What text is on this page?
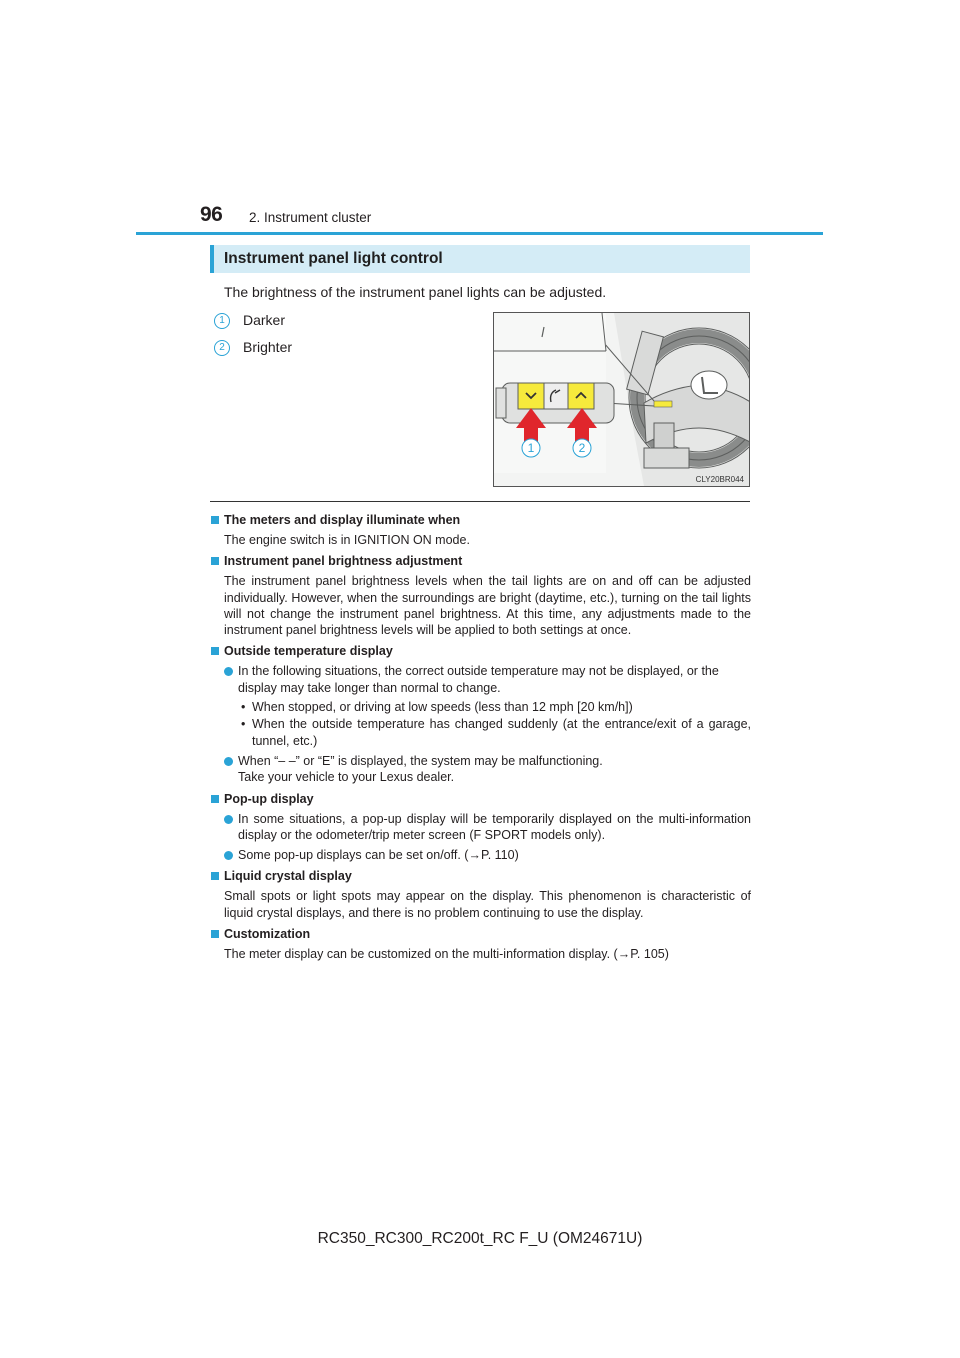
96 2. Instrument cluster
Instrument panel light control
The brightness of the instrument panel lights can be adjusted.
1	Darker
2	Brighter
1	2
CLY20BR044
The meters and display illuminate when
The engine switch is in IGNITION ON mode.
Instrument panel brightness adjustment
The instrument panel brightness levels when the tail lights are on and off can be adjusted individually. However, when the surroundings are bright (daytime, etc.), turning on the tail lights will not change the instrument panel brightness. At this time, any adjustments made to the instrument panel brightness levels will be applied to both settings at once.
Outside temperature display
In the following situations, the correct outside temperature may not be displayed, or the display may take longer than normal to change.
• When stopped, or driving at low speeds (less than 12 mph [20 km/h])
• When the outside temperature has changed suddenly (at the entrance/exit of a garage, tunnel, etc.)
When “– –” or “E” is displayed, the system may be malfunctioning.
Take your vehicle to your Lexus dealer.
Pop-up display
In some situations, a pop-up display will be temporarily displayed on the multi-information display or the odometer/trip meter screen (F SPORT models only).
Some pop-up displays can be set on/off. (→P. 110)
Liquid crystal display
Small spots or light spots may appear on the display. This phenomenon is characteristic of liquid crystal displays, and there is no problem continuing to use the display.
Customization
The meter display can be customized on the multi-information display. (→P. 105)
RC350_RC300_RC200t_RC F_U (OM24671U)
